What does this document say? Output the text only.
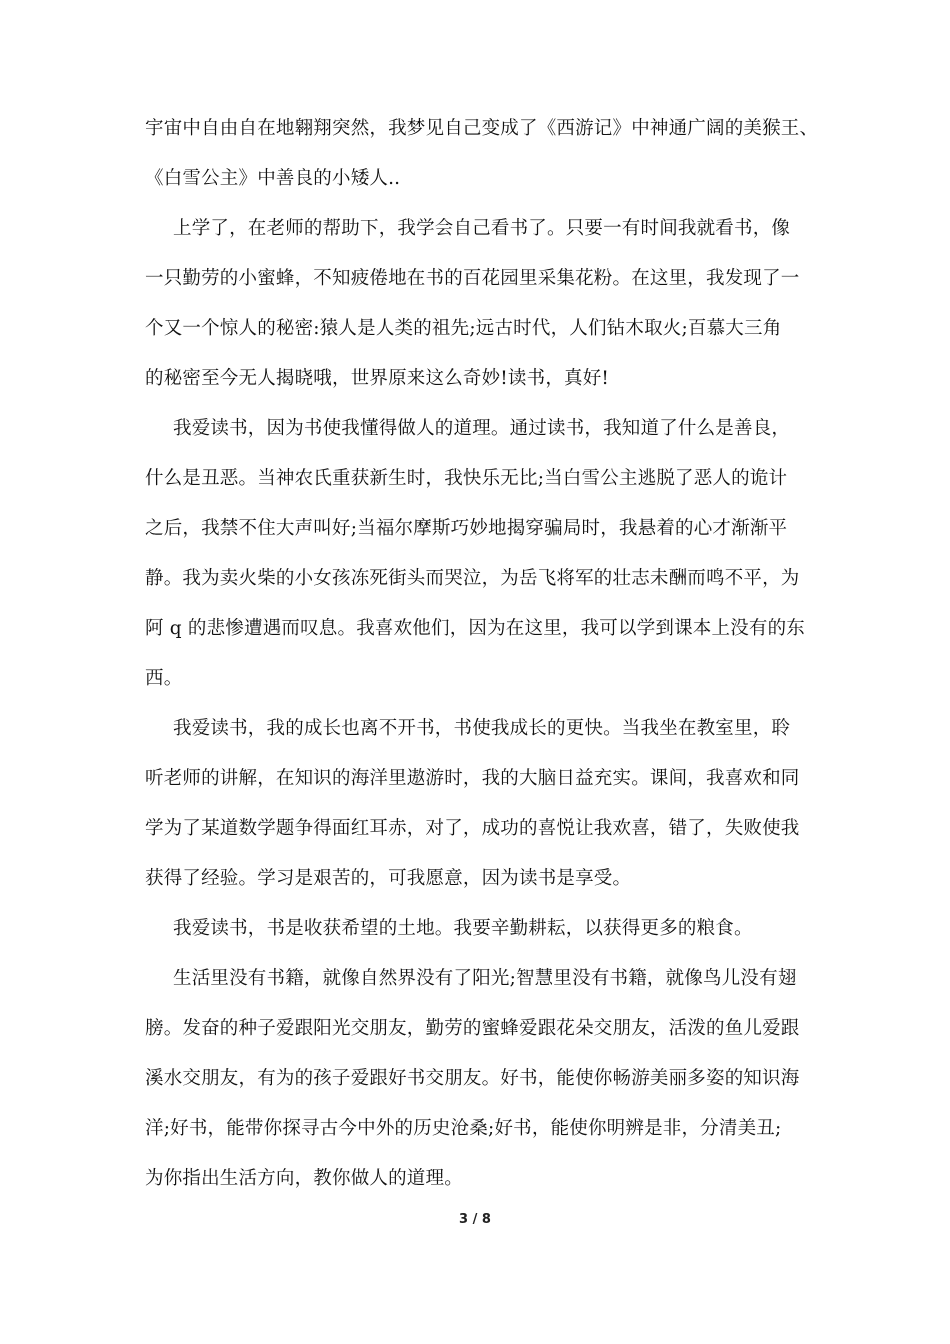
宇宙中自由自在地翱翔突然，我梦见自己变成了《西游记》中神通广阔的美猴王、
《白雪公主》中善良的小矮人..
上学了，在老师的帮助下，我学会自己看书了。只要一有时间我就看书，像
一只勤劳的小蜜蜂，不知疲倦地在书的百花园里采集花粉。在这里，我发现了一
个又一个惊人的秘密:猿人是人类的祖先;远古时代，人们钻木取火;百慕大三角
的秘密至今无人揭晓哦，世界原来这么奇妙!读书，真好!
我爱读书，因为书使我懂得做人的道理。通过读书，我知道了什么是善良，
什么是丑恶。当神农氏重获新生时，我快乐无比;当白雪公主逃脱了恶人的诡计
之后，我禁不住大声叫好;当福尔摩斯巧妙地揭穿骗局时，我悬着的心才渐渐平
静。我为卖火柴的小女孩冻死街头而哭泣，为岳飞将军的壮志未酬而鸣不平，为
阿 q 的悲惨遭遇而叹息。我喜欢他们，因为在这里，我可以学到课本上没有的东
西。
我爱读书，我的成长也离不开书，书使我成长的更快。当我坐在教室里，聆
听老师的讲解，在知识的海洋里遨游时，我的大脑日益充实。课间，我喜欢和同
学为了某道数学题争得面红耳赤，对了，成功的喜悦让我欢喜，错了，失败使我
获得了经验。学习是艰苦的，可我愿意，因为读书是享受。
我爱读书，书是收获希望的土地。我要辛勤耕耘，以获得更多的粮食。
生活里没有书籍，就像自然界没有了阳光;智慧里没有书籍，就像鸟儿没有翅
膀。发奋的种子爱跟阳光交朋友，勤劳的蜜蜂爱跟花朵交朋友，活泼的鱼儿爱跟
溪水交朋友，有为的孩子爱跟好书交朋友。好书，能使你畅游美丽多姿的知识海
洋;好书，能带你探寻古今中外的历史沧桑;好书，能使你明辨是非，分清美丑;
为你指出生活方向，教你做人的道理。
3 / 8
